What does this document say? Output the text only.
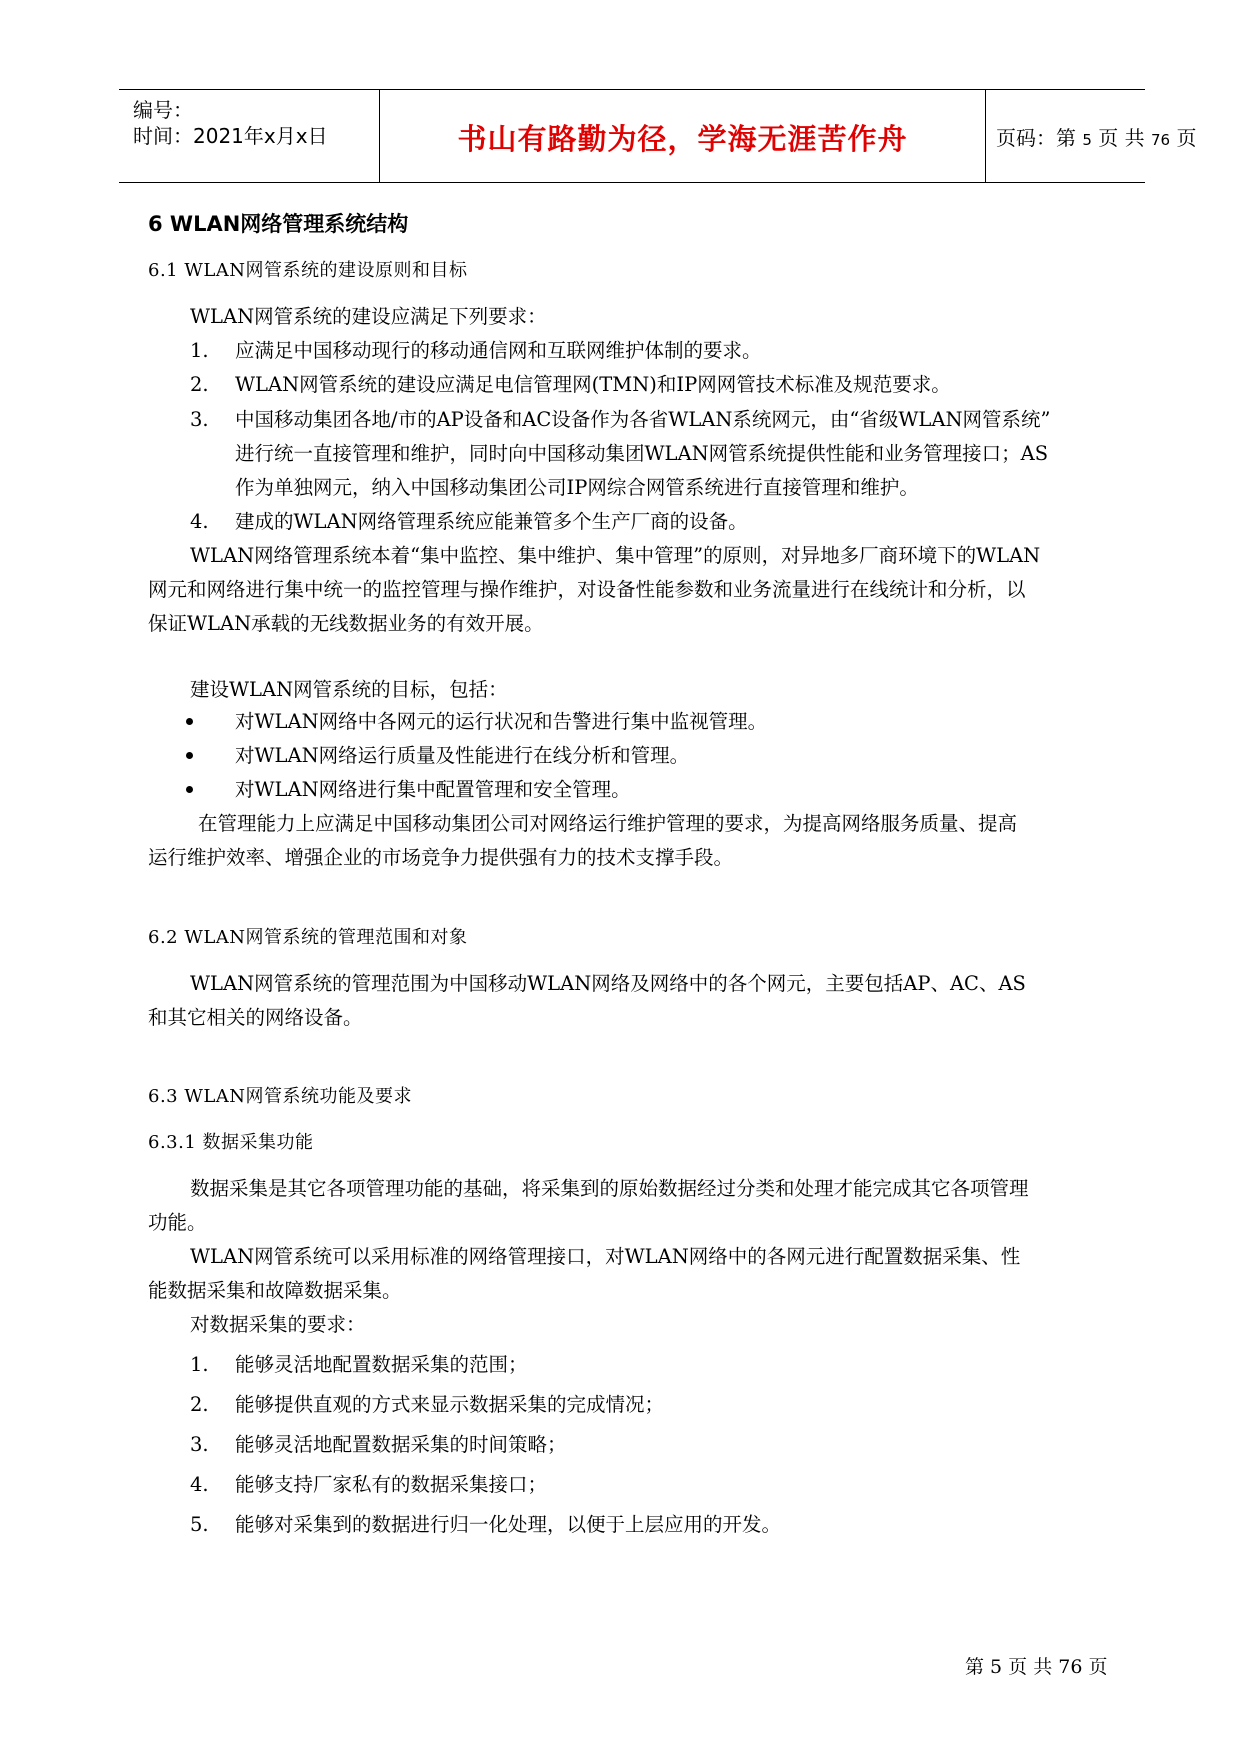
编号：
时间：2021年x月x日	书山有路勤为径，学海无涯苦作舟	页码：第 5 页 共 76 页
6 WLAN网络管理系统结构
6.1 WLAN网管系统的建设原则和目标
WLAN网管系统的建设应满足下列要求：
1. 应满足中国移动现行的移动通信网和互联网维护体制的要求。
2. WLAN网管系统的建设应满足电信管理网(TMN)和IP网网管技术标准及规范要求。
3. 中国移动集团各地/市的AP设备和AC设备作为各省WLAN系统网元，由“省级WLAN网管系统”
进行统一直接管理和维护，同时向中国移动集团WLAN网管系统提供性能和业务管理接口；AS
作为单独网元，纳入中国移动集团公司IP网综合网管系统进行直接管理和维护。
4. 建成的WLAN网络管理系统应能兼管多个生产厂商的设备。
WLAN网络管理系统本着“集中监控、集中维护、集中管理”的原则，对异地多厂商环境下的WLAN
网元和网络进行集中统一的监控管理与操作维护，对设备性能参数和业务流量进行在线统计和分析，以
保证WLAN承载的无线数据业务的有效开展。
建设WLAN网管系统的目标，包括：
对WLAN网络中各网元的运行状况和告警进行集中监视管理。
对WLAN网络运行质量及性能进行在线分析和管理。
对WLAN网络进行集中配置管理和安全管理。
在管理能力上应满足中国移动集团公司对网络运行维护管理的要求，为提高网络服务质量、提高
运行维护效率、增强企业的市场竞争力提供强有力的技术支撑手段。
6.2 WLAN网管系统的管理范围和对象
WLAN网管系统的管理范围为中国移动WLAN网络及网络中的各个网元，主要包括AP、AC、AS
和其它相关的网络设备。
6.3 WLAN网管系统功能及要求
6.3.1 数据采集功能
数据采集是其它各项管理功能的基础，将采集到的原始数据经过分类和处理才能完成其它各项管理
功能。
WLAN网管系统可以采用标准的网络管理接口，对WLAN网络中的各网元进行配置数据采集、性
能数据采集和故障数据采集。
对数据采集的要求：
1. 能够灵活地配置数据采集的范围；
2. 能够提供直观的方式来显示数据采集的完成情况；
3. 能够灵活地配置数据采集的时间策略；
4. 能够支持厂家私有的数据采集接口；
5. 能够对采集到的数据进行归一化处理，以便于上层应用的开发。
第 5 页 共 76 页
